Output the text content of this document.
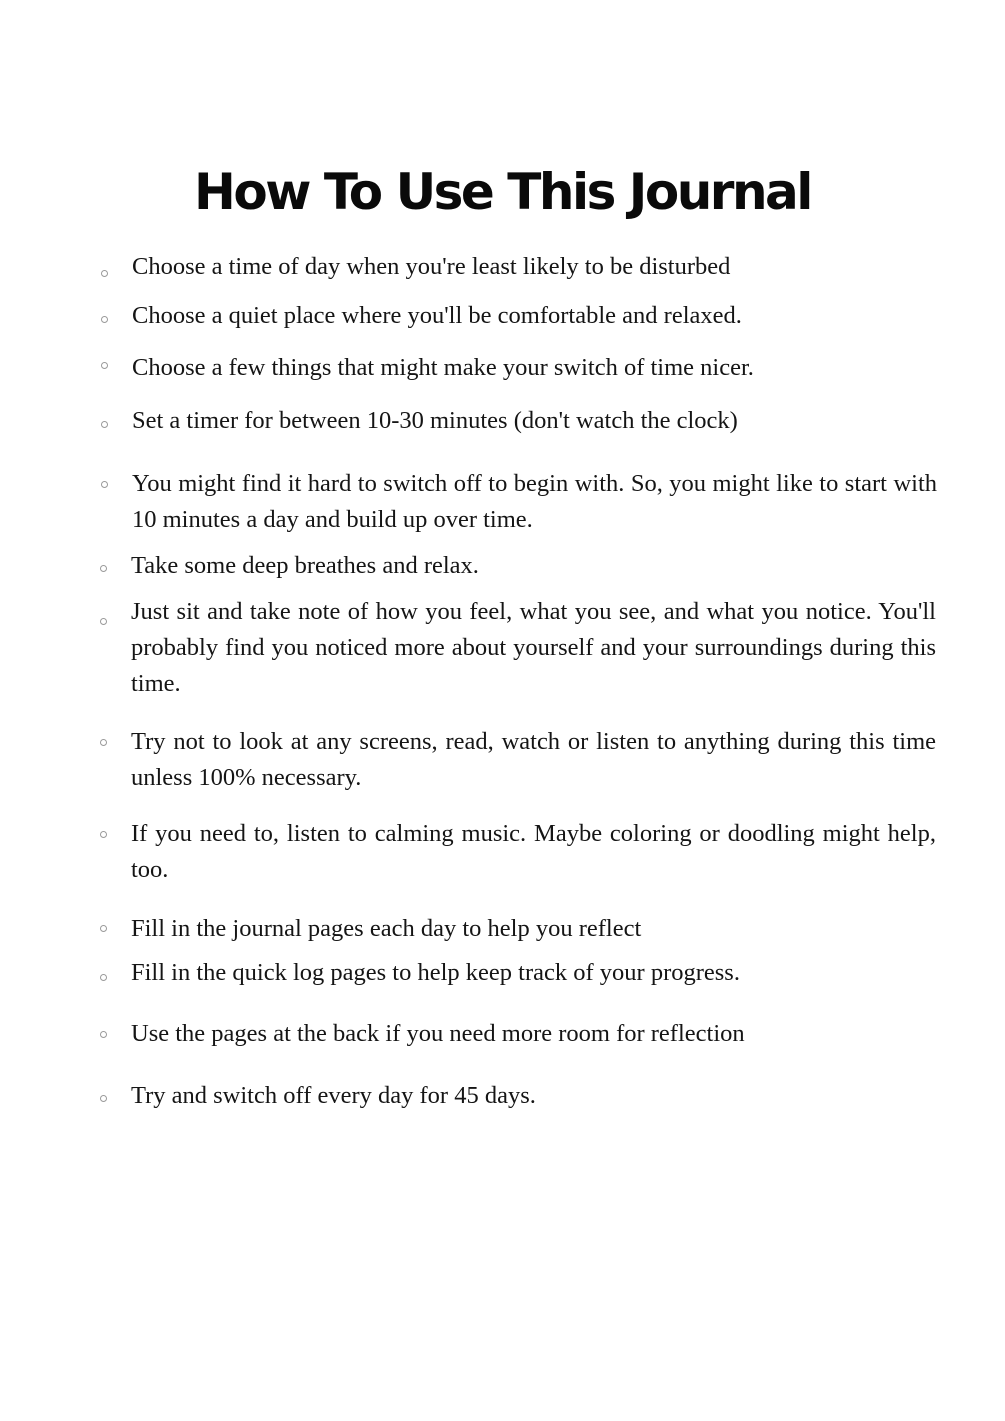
How To Use This Journal

Choose a time of day when you're least likely to be disturbed

Choose a quiet place where you'll be comfortable and relaxed.

Choose a few things that might make your switch of time nicer.

Set a timer for between 10-30 minutes (don't watch the clock)

You might find it hard to switch off to begin with. So, you might like to start with 10 minutes a day and build up over time.

Take some deep breathes and relax.

Just sit and take note of how you feel, what you see, and what you notice. You'll probably find you noticed more about yourself and your surroundings during this time.

Try not to look at any screens, read, watch or listen to anything during this time unless 100% necessary.

If you need to, listen to calming music. Maybe coloring or doodling might help, too.

Fill in the journal pages each day to help you reflect

Fill in the quick log pages to help keep track of your progress.

Use the pages at the back if you need more room for reflection

Try and switch off every day for 45 days.
